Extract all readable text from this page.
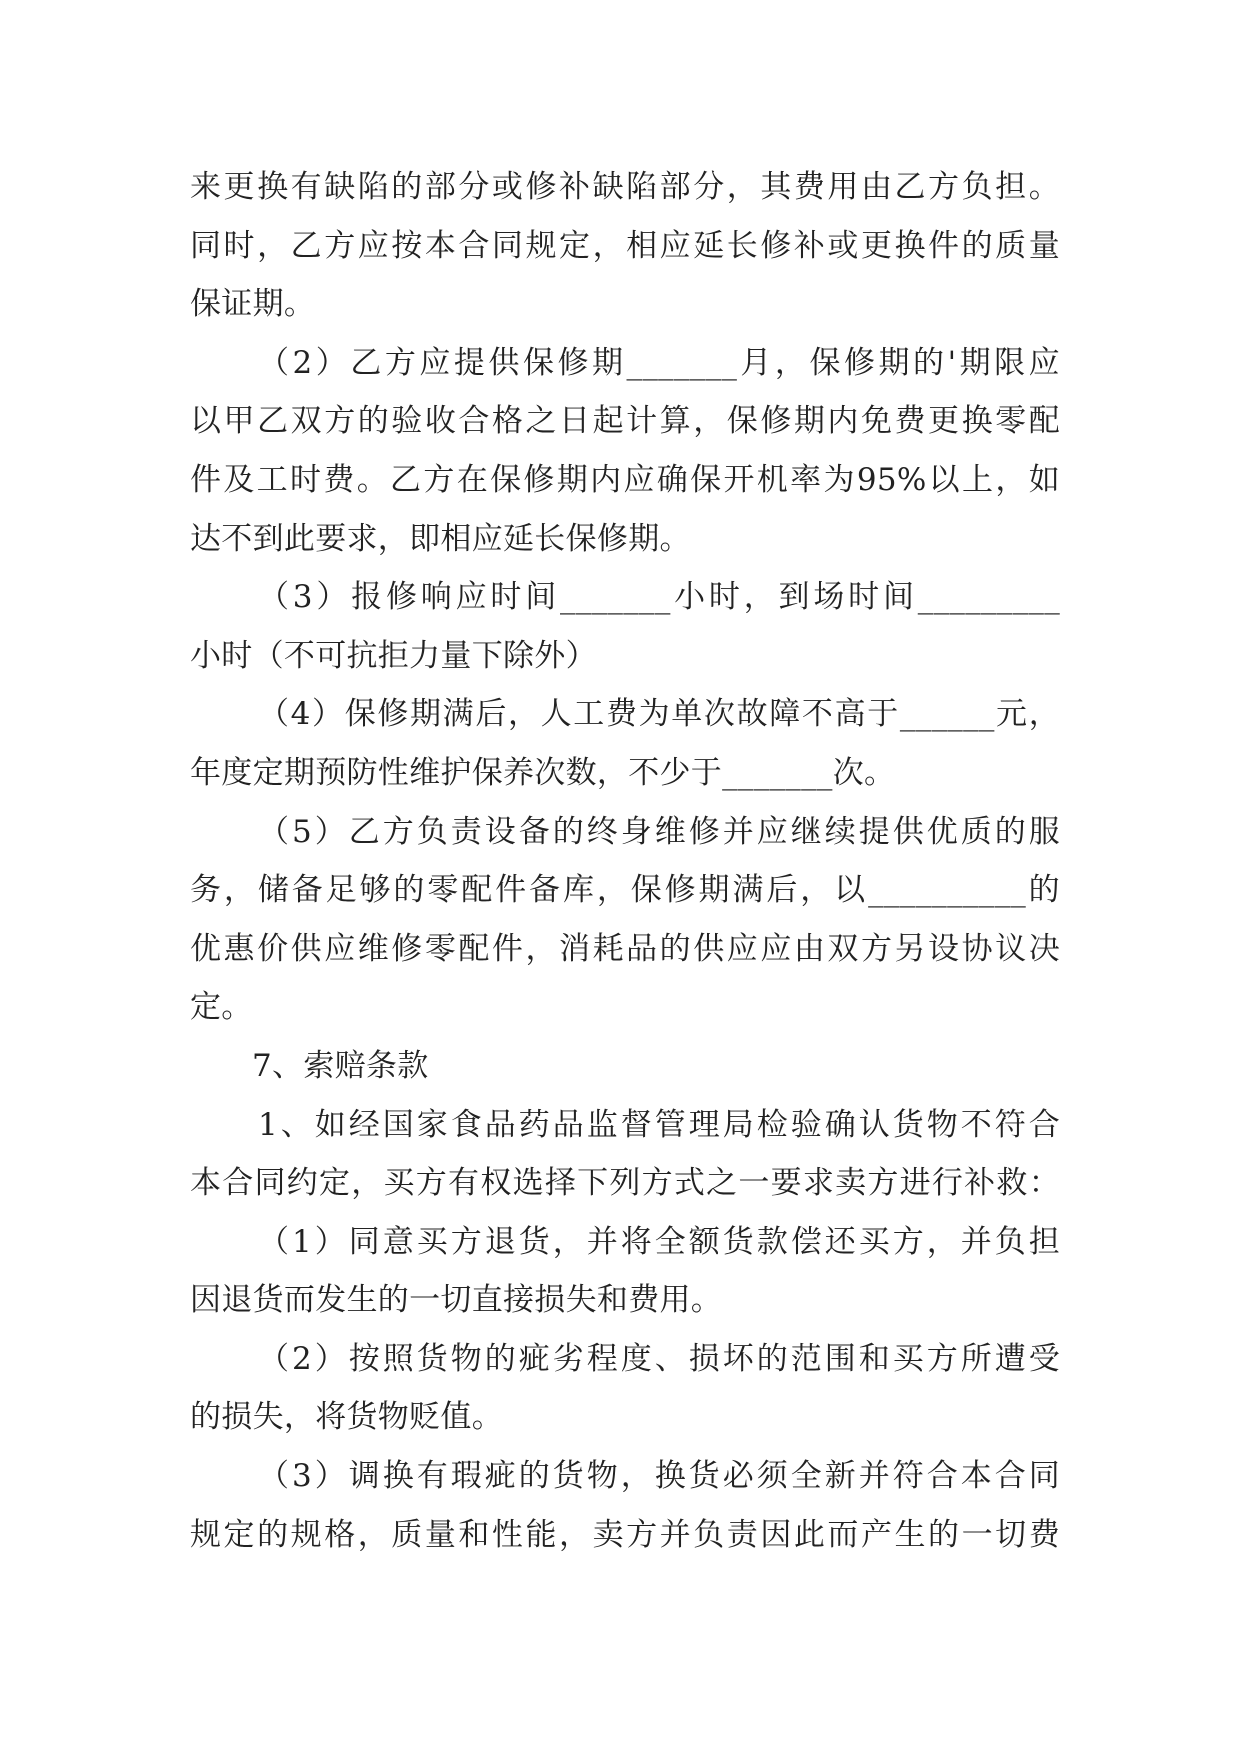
来更换有缺陷的部分或修补缺陷部分，其费用由乙方负担。
同时，乙方应按本合同规定，相应延长修补或更换件的质量
保证期。
（2）乙方应提供保修期_______月，保修期的'期限应
以甲乙双方的验收合格之日起计算，保修期内免费更换零配
件及工时费。乙方在保修期内应确保开机率为95%以上，如
达不到此要求，即相应延长保修期。
（3）报修响应时间_______小时，到场时间_________
小时（不可抗拒力量下除外）
（4）保修期满后，人工费为单次故障不高于______元，
年度定期预防性维护保养次数，不少于_______次。
（5）乙方负责设备的终身维修并应继续提供优质的服
务，储备足够的零配件备库，保修期满后，以__________的
优惠价供应维修零配件，消耗品的供应应由双方另设协议决
定。
7、索赔条款
1、如经国家食品药品监督管理局检验确认货物不符合
本合同约定，买方有权选择下列方式之一要求卖方进行补救：
（1）同意买方退货，并将全额货款偿还买方，并负担
因退货而发生的一切直接损失和费用。
（2）按照货物的疵劣程度、损坏的范围和买方所遭受
的损失，将货物贬值。
（3）调换有瑕疵的货物，换货必须全新并符合本合同
规定的规格，质量和性能，卖方并负责因此而产生的一切费
